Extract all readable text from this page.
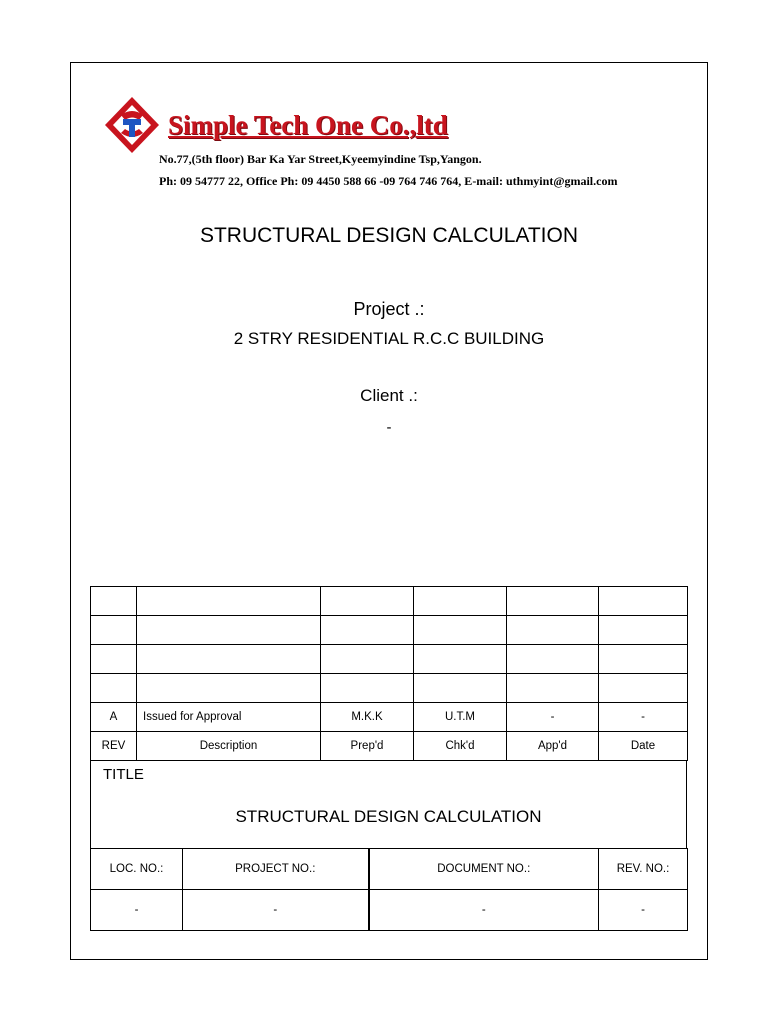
Simple Tech One Co.,ltd
No.77,(5th floor) Bar Ka Yar Street,Kyeemyindine Tsp,Yangon.
Ph: 09 54777 22, Office Ph: 09 4450 588 66 -09 764 746 764, E-mail: uthmyint@gmail.com
STRUCTURAL DESIGN CALCULATION
Project .:
2 STRY RESIDENTIAL R.C.C BUILDING
Client .:
-

A	Issued for Approval	M.K.K	U.T.M	-	-
REV	Description	Prep'd	Chk'd	App'd	Date
TITLE
STRUCTURAL DESIGN CALCULATION
LOC. NO.:	PROJECT NO.:	DOCUMENT NO.:	REV. NO.:
-	-	-	-
